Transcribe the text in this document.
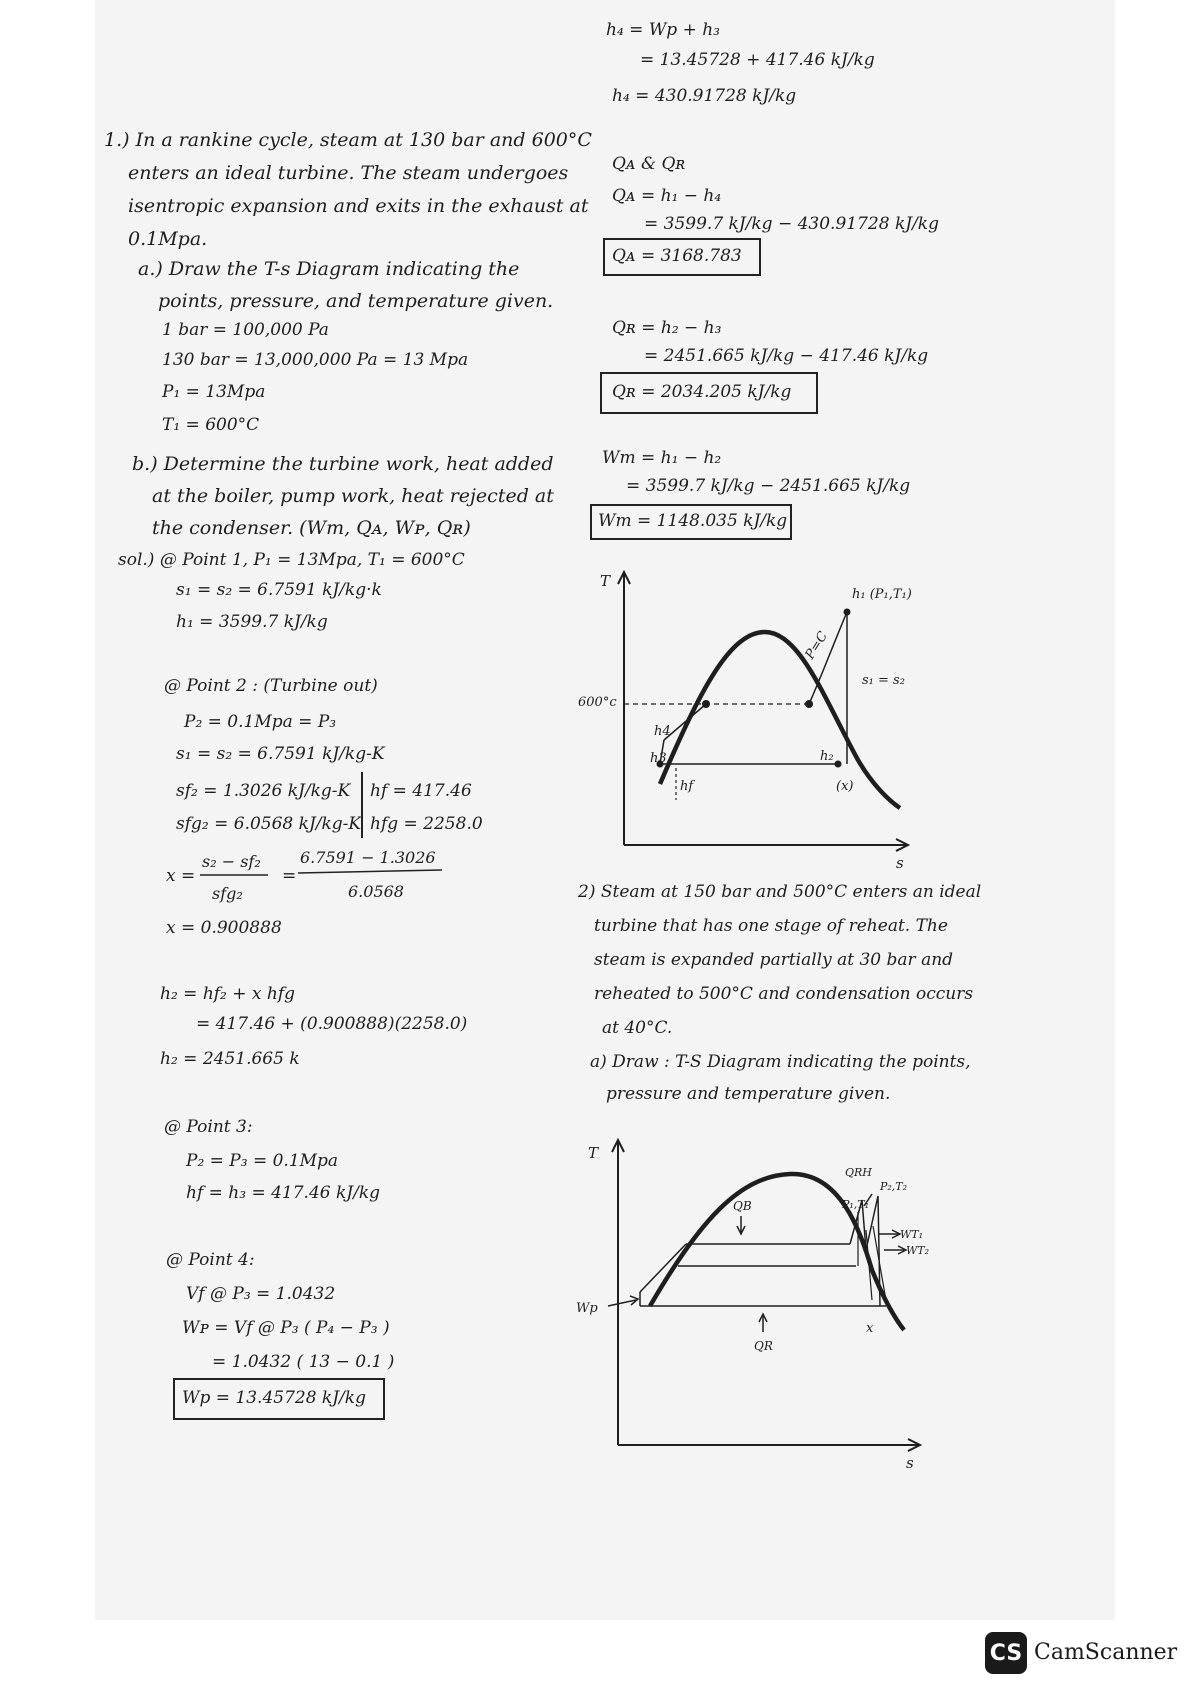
1.) In a rankine cycle, steam at 130 bar and 600°C
enters an ideal turbine. The steam undergoes
isentropic expansion and exits in the exhaust at
0.1Mpa.
a.) Draw the T-s Diagram indicating the
points, pressure, and temperature given.
1 bar = 100,000 Pa
130 bar = 13,000,000 Pa = 13 Mpa
P₁ = 13Mpa
T₁ = 600°C
b.) Determine the turbine work, heat added
at the boiler, pump work, heat rejected at
the condenser. (Wт, Qᴀ, Wᴘ, Qʀ)
sol.) @ Point 1, P₁ = 13Mpa, T₁ = 600°C
s₁ = s₂ = 6.7591 kJ/kg·k
h₁ = 3599.7 kJ/kg
@ Point 2 : (Turbine out)
P₂ = 0.1Mpa = P₃
s₁ = s₂ = 6.7591 kJ/kg-K
sf₂ = 1.3026 kJ/kg-K
sfg₂ = 6.0568 kJ/kg-K
hf = 417.46
hfg = 2258.0
x =
s₂ − sf₂
sfg₂
=
6.7591 − 1.3026
6.0568
x = 0.900888
h₂ = hf₂ + x hfg
= 417.46 + (0.900888)(2258.0)
h₂ = 2451.665 k
@ Point 3:
P₂ = P₃ = 0.1Mpa
hf = h₃ = 417.46 kJ/kg
@ Point 4:
Vf @ P₃ = 1.0432
Wᴘ = Vf @ P₃ ( P₄ − P₃ )
= 1.0432 ( 13 − 0.1 )
Wp = 13.45728 kJ/kg
h₄ = Wp + h₃
= 13.45728 + 417.46 kJ/kg
h₄ = 430.91728 kJ/kg
Qᴀ & Qʀ
Qᴀ = h₁ − h₄
= 3599.7 kJ/kg − 430.91728 kJ/kg
Qᴀ = 3168.783
Qʀ = h₂ − h₃
= 2451.665 kJ/kg − 417.46 kJ/kg
Qʀ = 2034.205 kJ/kg
Wт = h₁ − h₂
= 3599.7 kJ/kg − 2451.665 kJ/kg
Wт = 1148.035 kJ/kg
T
s
600°c
h₁ (P₁,T₁)
P=C
s₁ = s₂
h4
h3	h₂
hf	(x)
2) Steam at 150 bar and 500°C enters an ideal
turbine that has one stage of reheat. The
steam is expanded partially at 30 bar and
reheated to 500°C and condensation occurs
at 40°C.
a) Draw : T-S Diagram indicating the points,
pressure and temperature given.
T
s
QRH
P₂,T₂
P₁,T₁
QB
WT₁
WT₂
Wp
QR
x
CS CamScanner
